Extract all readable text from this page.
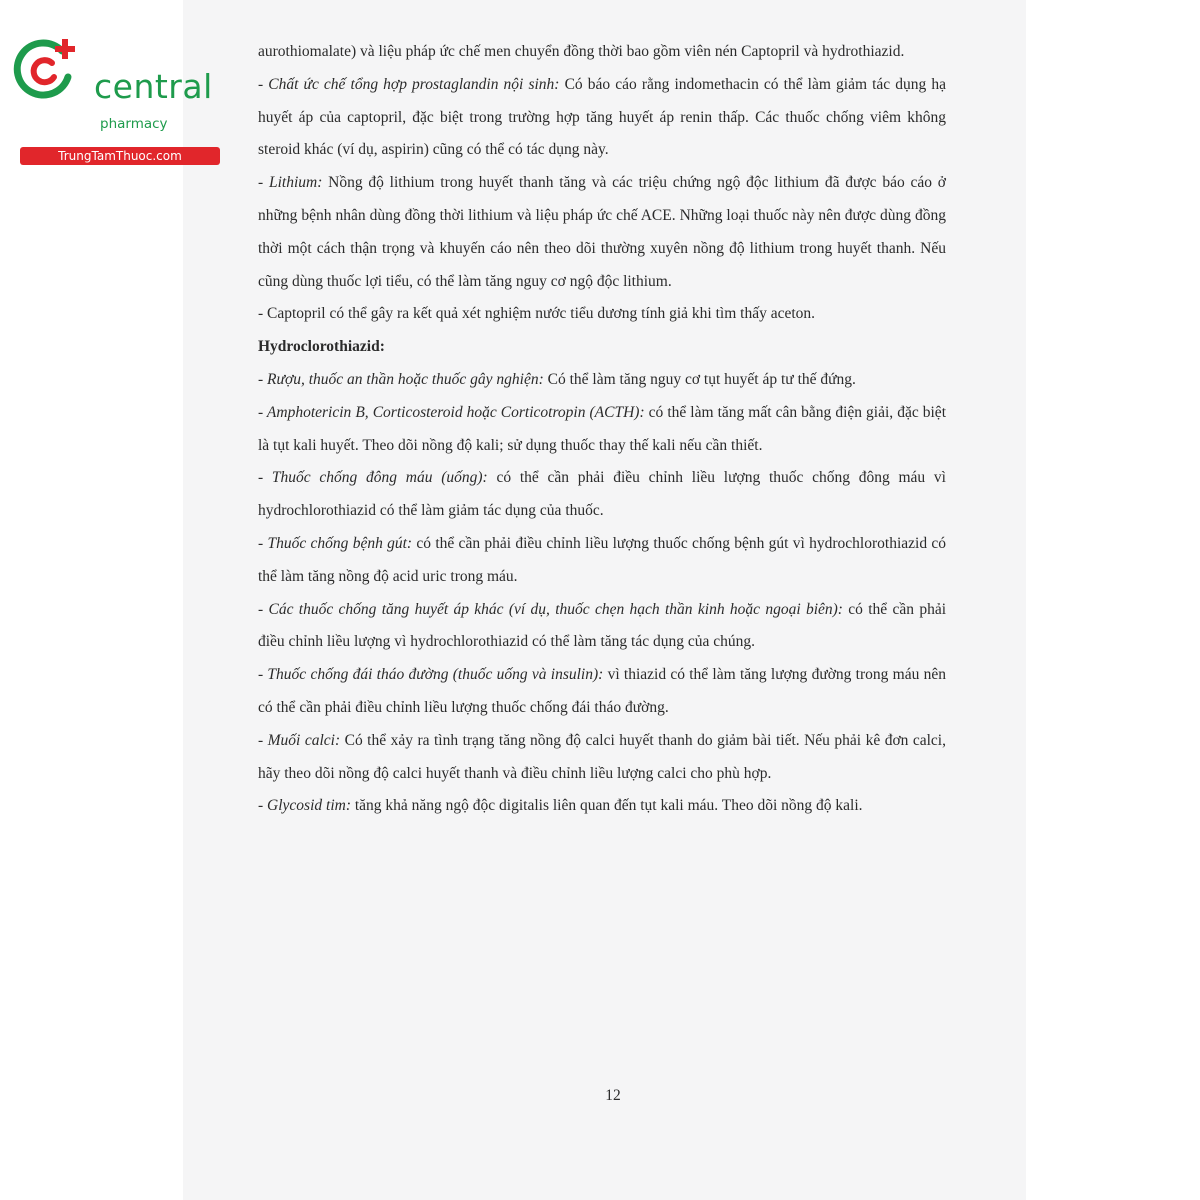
central
pharmacy
TrungTamThuoc.com

aurothiomalate) và liệu pháp ức chế men chuyển đồng thời bao gồm viên nén Captopril và hydrothiazid.

- Chất ức chế tổng hợp prostaglandin nội sinh: Có báo cáo rằng indomethacin có thể làm giảm tác dụng hạ huyết áp của captopril, đặc biệt trong trường hợp tăng huyết áp renin thấp. Các thuốc chống viêm không steroid khác (ví dụ, aspirin) cũng có thể có tác dụng này.

- Lithium: Nồng độ lithium trong huyết thanh tăng và các triệu chứng ngộ độc lithium đã được báo cáo ở những bệnh nhân dùng đồng thời lithium và liệu pháp ức chế ACE. Những loại thuốc này nên được dùng đồng thời một cách thận trọng và khuyến cáo nên theo dõi thường xuyên nồng độ lithium trong huyết thanh. Nếu cũng dùng thuốc lợi tiểu, có thể làm tăng nguy cơ ngộ độc lithium.

- Captopril có thể gây ra kết quả xét nghiệm nước tiểu dương tính giả khi tìm thấy aceton.

Hydroclorothiazid:

- Rượu, thuốc an thần hoặc thuốc gây nghiện: Có thể làm tăng nguy cơ tụt huyết áp tư thế đứng.

- Amphotericin B, Corticosteroid hoặc Corticotropin (ACTH): có thể làm tăng mất cân bằng điện giải, đặc biệt là tụt kali huyết. Theo dõi nồng độ kali; sử dụng thuốc thay thế kali nếu cần thiết.

- Thuốc chống đông máu (uống): có thể cần phải điều chỉnh liều lượng thuốc chống đông máu vì hydrochlorothiazid có thể làm giảm tác dụng của thuốc.

- Thuốc chống bệnh gút: có thể cần phải điều chỉnh liều lượng thuốc chống bệnh gút vì hydrochlorothiazid có thể làm tăng nồng độ acid uric trong máu.

- Các thuốc chống tăng huyết áp khác (ví dụ, thuốc chẹn hạch thần kinh hoặc ngoại biên): có thể cần phải điều chỉnh liều lượng vì hydrochlorothiazid có thể làm tăng tác dụng của chúng.

- Thuốc chống đái tháo đường (thuốc uống và insulin): vì thiazid có thể làm tăng lượng đường trong máu nên có thể cần phải điều chỉnh liều lượng thuốc chống đái tháo đường.

- Muối calci: Có thể xảy ra tình trạng tăng nồng độ calci huyết thanh do giảm bài tiết. Nếu phải kê đơn calci, hãy theo dõi nồng độ calci huyết thanh và điều chỉnh liều lượng calci cho phù hợp.

- Glycosid tim: tăng khả năng ngộ độc digitalis liên quan đến tụt kali máu. Theo dõi nồng độ kali.

12
